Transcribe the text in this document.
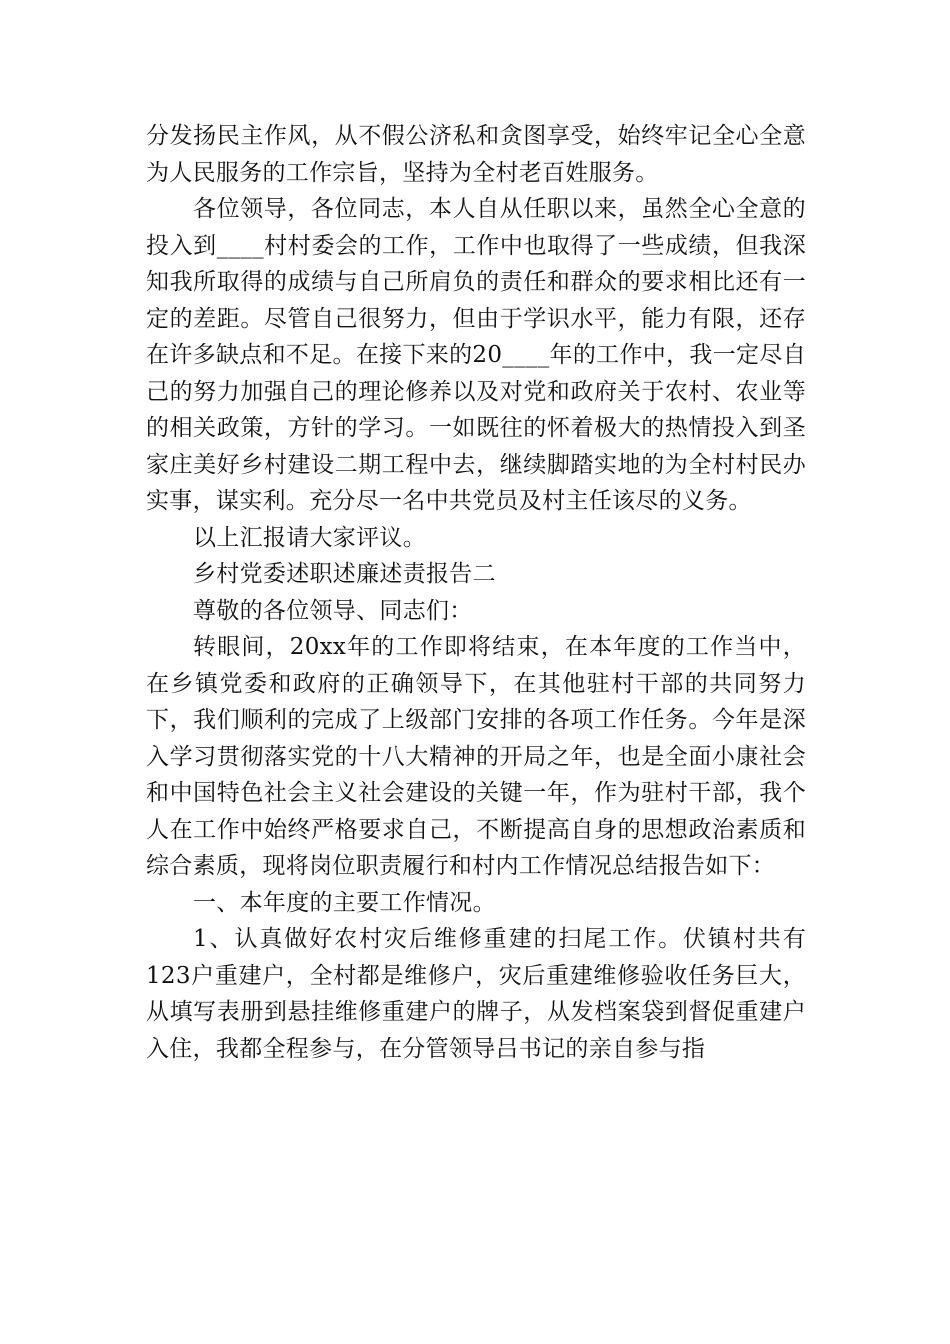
分发扬民主作风，从不假公济私和贪图享受，始终牢记全心全意为人民服务的工作宗旨，坚持为全村老百姓服务。

各位领导，各位同志，本人自从任职以来，虽然全心全意的投入到____村村委会的工作，工作中也取得了一些成绩，但我深知我所取得的成绩与自己所肩负的责任和群众的要求相比还有一定的差距。尽管自己很努力，但由于学识水平，能力有限，还存在许多缺点和不足。在接下来的20____年的工作中，我一定尽自己的努力加强自己的理论修养以及对党和政府关于农村、农业等的相关政策，方针的学习。一如既往的怀着极大的热情投入到圣家庄美好乡村建设二期工程中去，继续脚踏实地的为全村村民办实事，谋实利。充分尽一名中共党员及村主任该尽的义务。

以上汇报请大家评议。

乡村党委述职述廉述责报告二

尊敬的各位领导、同志们：

转眼间，20xx年的工作即将结束，在本年度的工作当中，在乡镇党委和政府的正确领导下，在其他驻村干部的共同努力下，我们顺利的完成了上级部门安排的各项工作任务。今年是深入学习贯彻落实党的十八大精神的开局之年，也是全面小康社会和中国特色社会主义社会建设的关键一年，作为驻村干部，我个人在工作中始终严格要求自己，不断提高自身的思想政治素质和综合素质，现将岗位职责履行和村内工作情况总结报告如下：

一、本年度的主要工作情况。

1、认真做好农村灾后维修重建的扫尾工作。伏镇村共有123户重建户，全村都是维修户，灾后重建维修验收任务巨大，从填写表册到悬挂维修重建户的牌子，从发档案袋到督促重建户入住，我都全程参与，在分管领导吕书记的亲自参与指
